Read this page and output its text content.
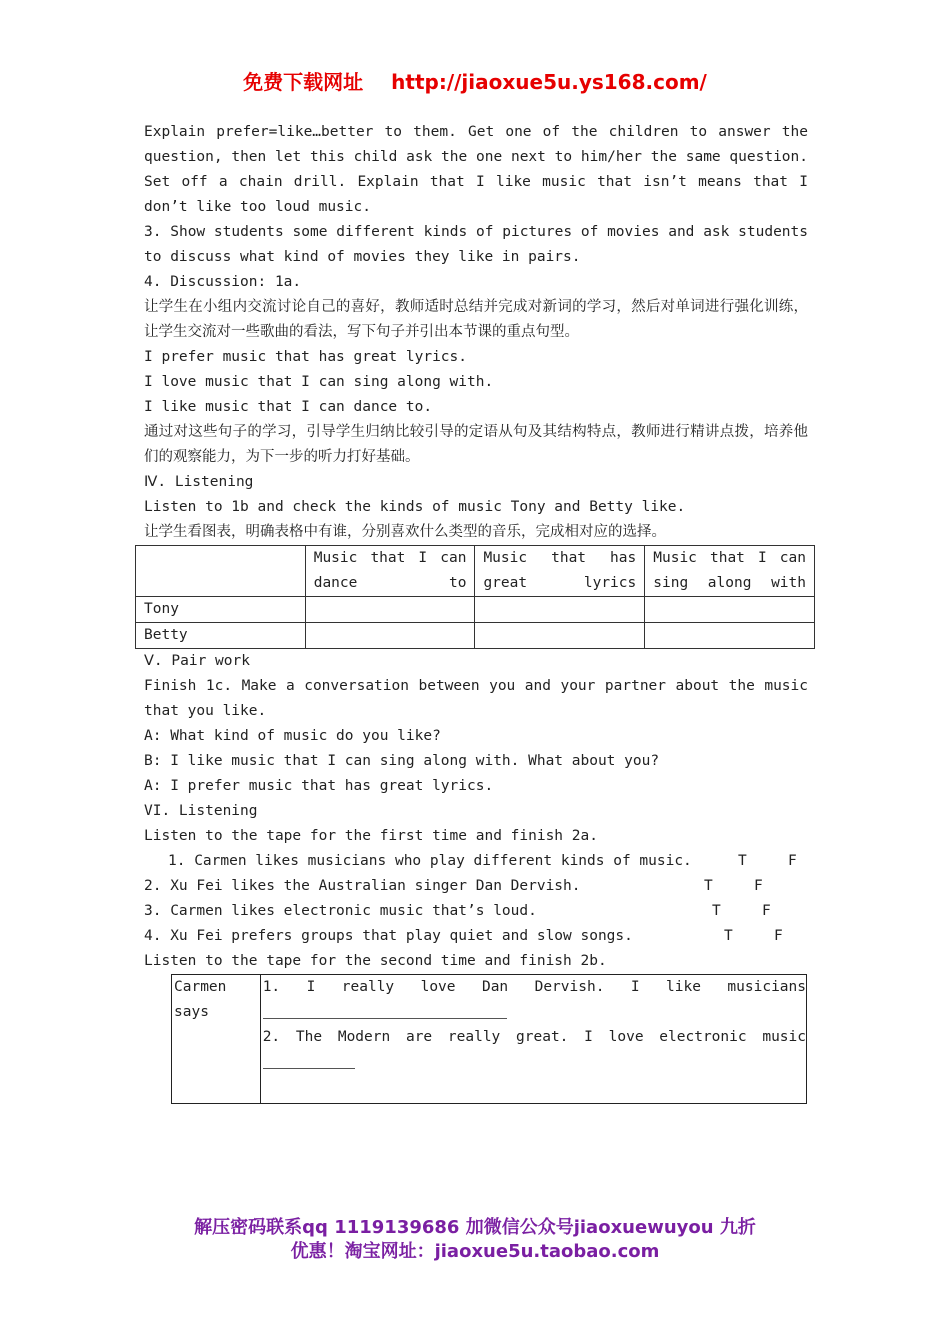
免费下载网址 http://jiaoxue5u.ys168.com/

Explain prefer=like…better to them. Get one of the children to answer the question, then let this child ask the one next to him/her the same question. Set off a chain drill. Explain that I like music that isn’t means that I don’t like too loud music.

3. Show students some different kinds of pictures of movies and ask students to discuss what kind of movies they like in pairs.

4. Discussion: 1a.

让学生在小组内交流讨论自己的喜好，教师适时总结并完成对新词的学习，然后对单词进行强化训练， 让学生交流对一些歌曲的看法，写下句子并引出本节课的重点句型。

I prefer music that has great lyrics.

I love music that I can sing along with.

I like music that I can dance to.

通过对这些句子的学习，引导学生归纳比较引导的定语从句及其结构特点，教师进行精讲点拨，培养他们的观察能力，为下一步的听力打好基础。

Ⅳ. Listening

Listen to 1b and check the kinds of music Tony and Betty like.

让学生看图表，明确表格中有谁，分别喜欢什么类型的音乐，完成相对应的选择。

	Music that I can dance to	Music that has great lyrics	Music that I can sing along with
Tony			
Betty			

Ⅴ. Pair work

Finish 1c. Make a conversation between you and your partner about the music that you like.

A: What kind of music do you like?

B: I like music that I can sing along with. What about you?

A: I prefer music that has great lyrics.

VI. Listening

Listen to the tape for the first time and finish 2a.

1. Carmen likes musicians who play different kinds of music.	T	F
2. Xu Fei likes the Australian singer Dan Dervish.	T	F
3. Carmen likes electronic music that’s loud.	T	F
4. Xu Fei prefers groups that play quiet and slow songs.	T	F

Listen to the tape for the second time and finish 2b.

Carmen says	
1. I really love Dan Dervish. I like musicians
2. The Modern are really great. I love electronic music
解压密码联系qq 1119139686 加微信公众号jiaoxuewuyou 九折
优惠！淘宝网址：jiaoxue5u.taobao.com
